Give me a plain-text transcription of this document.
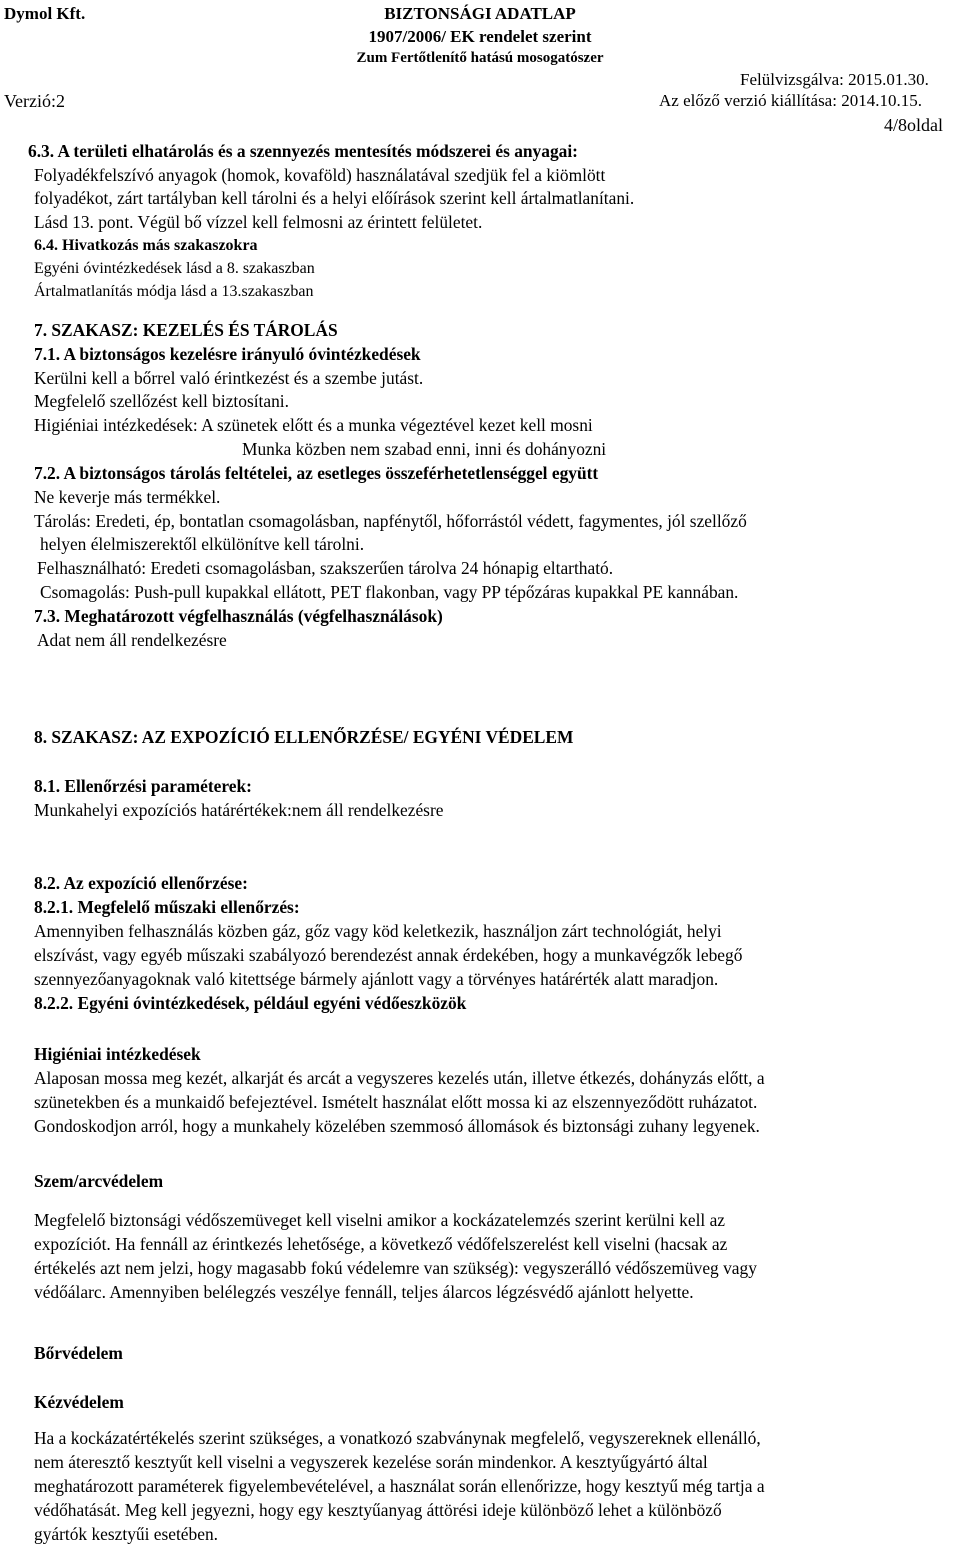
Dymol Kft.	BIZTONSÁGI ADATLAP
1907/2006/ EK rendelet szerint
Zum Fertőtlenítő hatású mosogatószer
Felülvizsgálva: 2015.01.30.
Az előző verzió kiállítása: 2014.10.15.
Verzió:2
4/8oldal
6.3. A területi elhatárolás és a szennyezés mentesítés módszerei és anyagai:
Folyadékfelszívó anyagok (homok, kovaföld) használatával szedjük fel a kiömlött
folyadékot, zárt tartályban kell tárolni és a helyi előírások szerint kell ártalmatlanítani.
Lásd 13. pont. Végül bő vízzel kell felmosni az érintett felületet.
6.4. Hivatkozás más szakaszokra
Egyéni óvintézkedések lásd a 8. szakaszban
Ártalmatlanítás módja lásd a 13.szakaszban
7. SZAKASZ: KEZELÉS ÉS TÁROLÁS
7.1. A biztonságos kezelésre irányuló óvintézkedések
Kerülni kell a bőrrel való érintkezést és a szembe jutást.
Megfelelő szellőzést kell biztosítani.
Higiéniai intézkedések: A szünetek előtt és a munka végeztével kezet kell mosni
Munka közben nem szabad enni, inni és dohányozni
7.2. A biztonságos tárolás feltételei, az esetleges összeférhetetlenséggel együtt
Ne keverje más termékkel.
Tárolás: Eredeti, ép, bontatlan csomagolásban, napfénytől, hőforrástól védett, fagymentes, jól szellőző
helyen élelmiszerektől elkülönítve kell tárolni.
Felhasználható: Eredeti csomagolásban, szakszerűen tárolva 24 hónapig eltartható.
Csomagolás: Push-pull kupakkal ellátott, PET flakonban, vagy PP tépőzáras kupakkal PE kannában.
7.3. Meghatározott végfelhasználás (végfelhasználások)
Adat nem áll rendelkezésre
8. SZAKASZ: AZ EXPOZÍCIÓ ELLENŐRZÉSE/ EGYÉNI VÉDELEM
8.1. Ellenőrzési paraméterek:
Munkahelyi expozíciós határértékek:nem áll rendelkezésre
8.2. Az expozíció ellenőrzése:
8.2.1. Megfelelő műszaki ellenőrzés:
Amennyiben felhasználás közben gáz, gőz vagy köd keletkezik, használjon zárt technológiát, helyi
elszívást, vagy egyéb műszaki szabályozó berendezést annak érdekében, hogy a munkavégzők lebegő
szennyezőanyagoknak való kitettsége bármely ajánlott vagy a törvényes határérték alatt maradjon.
8.2.2. Egyéni óvintézkedések, például egyéni védőeszközök
Higiéniai intézkedések
Alaposan mossa meg kezét, alkarját és arcát a vegyszeres kezelés után, illetve étkezés, dohányzás előtt, a
szünetekben és a munkaidő befejeztével. Ismételt használat előtt mossa ki az elszennyeződött ruházatot.
Gondoskodjon arról, hogy a munkahely közelében szemmosó állomások és biztonsági zuhany legyenek.
Szem/arcvédelem
Megfelelő biztonsági védőszemüveget kell viselni amikor a kockázatelemzés szerint kerülni kell az
expozíciót. Ha fennáll az érintkezés lehetősége, a következő védőfelszerelést kell viselni (hacsak az
értékelés azt nem jelzi, hogy magasabb fokú védelemre van szükség): vegyszerálló védőszemüveg vagy
védőálarc. Amennyiben belélegzés veszélye fennáll, teljes álarcos légzésvédő ajánlott helyette.
Bőrvédelem
Kézvédelem
Ha a kockázatértékelés szerint szükséges, a vonatkozó szabványnak megfelelő, vegyszereknek ellenálló,
nem áteresztő kesztyűt kell viselni a vegyszerek kezelése során mindenkor. A kesztyűgyártó által
meghatározott paraméterek figyelembevételével, a használat során ellenőrizze, hogy kesztyű még tartja a
védőhatását. Meg kell jegyezni, hogy egy kesztyűanyag áttörési ideje különböző lehet a különböző
gyártók kesztyűi esetében.
